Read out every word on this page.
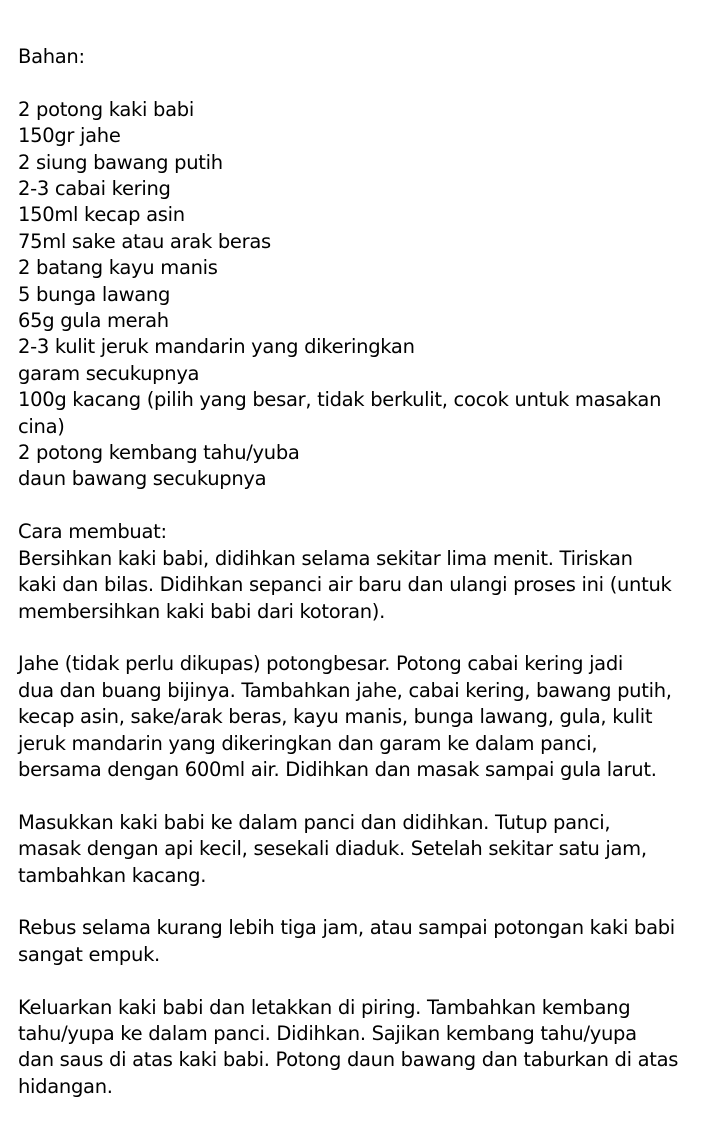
Bahan:
2 potong kaki babi
150gr jahe
2 siung bawang putih
2-3 cabai kering
150ml kecap asin
75ml sake atau arak beras
2 batang kayu manis
5 bunga lawang
65g gula merah
2-3 kulit jeruk mandarin yang dikeringkan
garam secukupnya
100g kacang (pilih yang besar, tidak berkulit, cocok untuk masakan
cina)
2 potong kembang tahu/yuba
daun bawang secukupnya
Cara membuat:
Bersihkan kaki babi, didihkan selama sekitar lima menit. Tiriskan
kaki dan bilas. Didihkan sepanci air baru dan ulangi proses ini (untuk
membersihkan kaki babi dari kotoran).
Jahe (tidak perlu dikupas) potongbesar. Potong cabai kering jadi
dua dan buang bijinya. Tambahkan jahe, cabai kering, bawang putih,
kecap asin, sake/arak beras, kayu manis, bunga lawang, gula, kulit
jeruk mandarin yang dikeringkan dan garam ke dalam panci,
bersama dengan 600ml air. Didihkan dan masak sampai gula larut.
Masukkan kaki babi ke dalam panci dan didihkan. Tutup panci,
masak dengan api kecil, sesekali diaduk. Setelah sekitar satu jam,
tambahkan kacang.
Rebus selama kurang lebih tiga jam, atau sampai potongan kaki babi
sangat empuk.
Keluarkan kaki babi dan letakkan di piring. Tambahkan kembang
tahu/yupa ke dalam panci. Didihkan. Sajikan kembang tahu/yupa
dan saus di atas kaki babi. Potong daun bawang dan taburkan di atas
hidangan.
